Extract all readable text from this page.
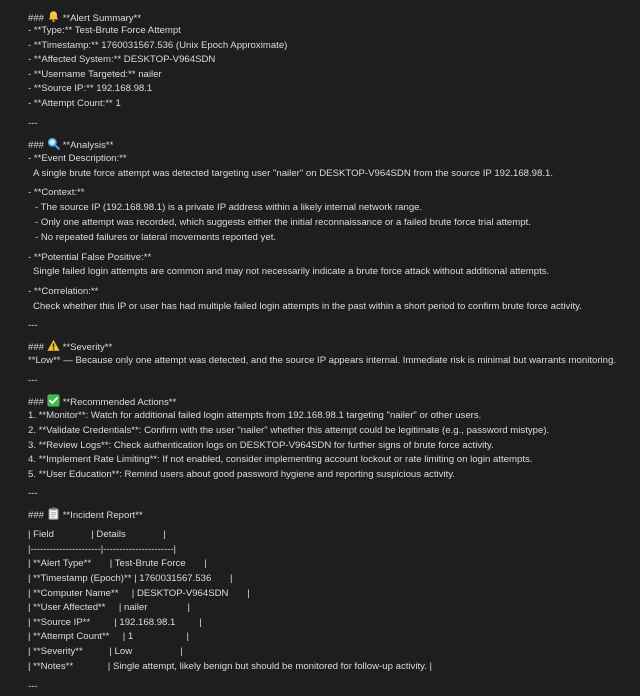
###
**Alert Summary**
- **Type:** Test-Brute Force Attempt
- **Timestamp:** 1760031567.536 (Unix Epoch Approximate)
- **Affected System:** DESKTOP-V964SDN
- **Username Targeted:** nailer
- **Source IP:** 192.168.98.1
- **Attempt Count:** 1
---
###
**Analysis**
- **Event Description:**
A single brute force attempt was detected targeting user "nailer" on DESKTOP-V964SDN from the source IP 192.168.98.1.
- **Context:**
- The source IP (192.168.98.1) is a private IP address within a likely internal network range.
- Only one attempt was recorded, which suggests either the initial reconnaissance or a failed brute force trial attempt.
- No repeated failures or lateral movements reported yet.
- **Potential False Positive:**
Single failed login attempts are common and may not necessarily indicate a brute force attack without additional attempts.
- **Correlation:**
Check whether this IP or user has had multiple failed login attempts in the past within a short period to confirm brute force activity.
---
###
**Severity**
**Low** — Because only one attempt was detected, and the source IP appears internal. Immediate risk is minimal but warrants monitoring.
---
###
**Recommended Actions**
1. **Monitor**: Watch for additional failed login attempts from 192.168.98.1 targeting "nailer" or other users.
2. **Validate Credentials**: Confirm with the user "nailer" whether this attempt could be legitimate (e.g., password mistype).
3. **Review Logs**: Check authentication logs on DESKTOP-V964SDN for further signs of brute force activity.
4. **Implement Rate Limiting**: If not enabled, consider implementing account lockout or rate limiting on login attempts.
5. **User Education**: Remind users about good password hygiene and reporting suspicious activity.
---
###
**Incident Report**
| Field              | Details              |
|----------------------|----------------------|
| **Alert Type**       | Test-Brute Force       |
| **Timestamp (Epoch)** | 1760031567.536       |
| **Computer Name**     | DESKTOP-V964SDN       |
| **User Affected**     | nailer               |
| **Source IP**         | 192.168.98.1         |
| **Attempt Count**     | 1                    |
| **Severity**          | Low                  |
| **Notes**             | Single attempt, likely benign but should be monitored for follow-up activity. |
---
